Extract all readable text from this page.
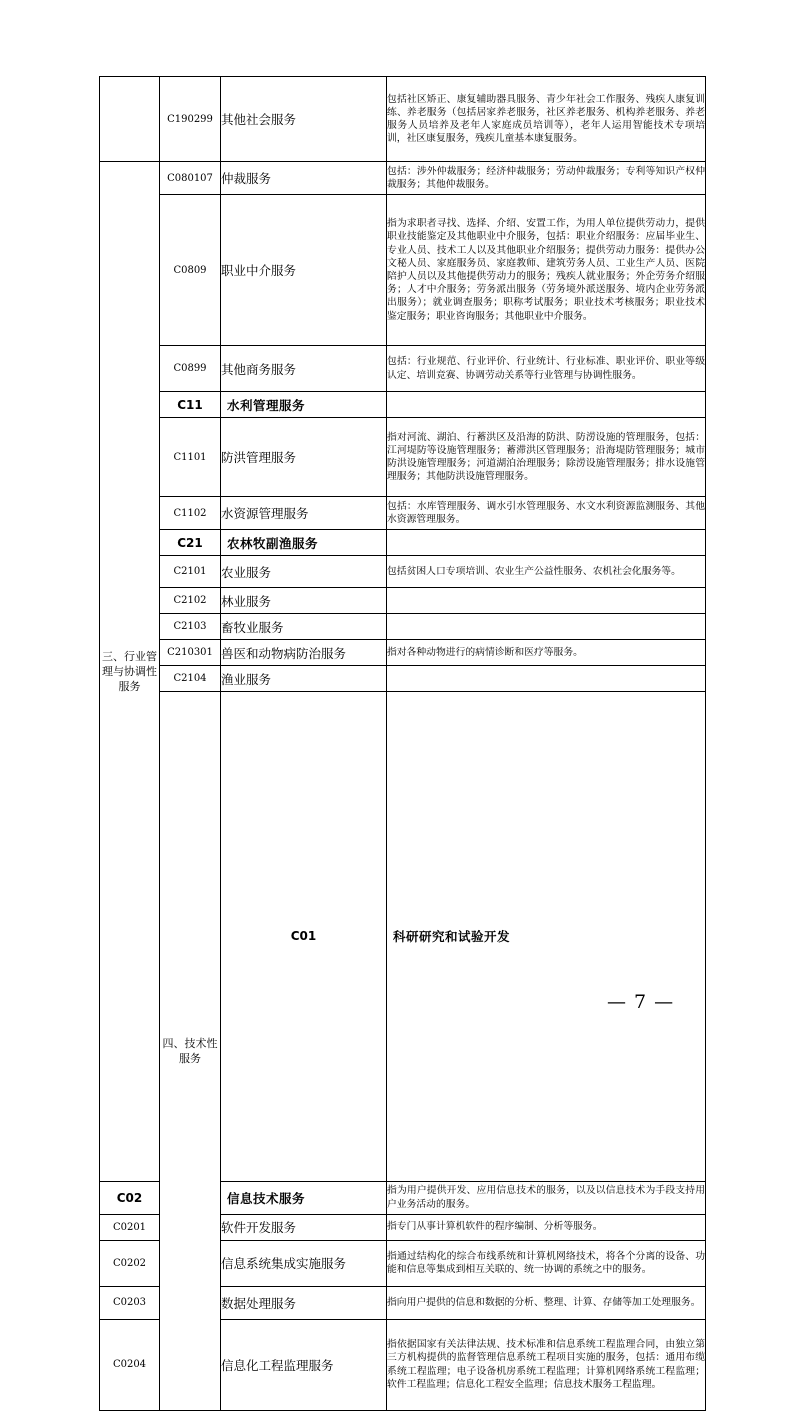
	C190299	其他社会服务	包括社区矫正、康复辅助器具服务、青少年社会工作服务、残疾人康复训练、养老服务（包括居家养老服务，社区养老服务、机构养老服务、养老服务人员培养及老年人家庭成员培训等），老年人运用智能技术专项培训，社区康复服务，残疾儿童基本康复服务。	
三、行业管理与协调性服务	C080107	仲裁服务	包括：涉外仲裁服务；经济仲裁服务；劳动仲裁服务；专利等知识产权仲裁服务；其他仲裁服务。	
	C0809	职业中介服务	指为求职者寻找、选择、介绍、安置工作，为用人单位提供劳动力，提供职业技能鉴定及其他职业中介服务，包括：职业介绍服务：应届毕业生、专业人员、技术工人以及其他职业介绍服务；提供劳动力服务：提供办公文秘人员、家庭服务员、家庭教师、建筑劳务人员、工业生产人员、医院陪护人员以及其他提供劳动力的服务；残疾人就业服务；外企劳务介绍服务；人才中介服务；劳务派出服务（劳务境外派送服务、境内企业劳务派出服务）；就业调查服务；职称考试服务；职业技术考核服务；职业技术鉴定服务；职业咨询服务；其他职业中介服务。	
	C0899	其他商务服务	包括：行业规范、行业评价、行业统计、行业标准、职业评价、职业等级认定、培训竞赛、协调劳动关系等行业管理与协调性服务。	
	C11	水利管理服务		
	C1101	防洪管理服务	指对河流、湖泊、行蓄洪区及沿海的防洪、防涝设施的管理服务，包括：江河堤防等设施管理服务；蓄滞洪区管理服务；沿海堤防管理服务；城市防洪设施管理服务；河道湖泊治理服务；除涝设施管理服务；排水设施管理服务；其他防洪设施管理服务。	
	C1102	水资源管理服务	包括：水库管理服务、调水引水管理服务、水文水利资源监测服务、其他水资源管理服务。	
	C21	农林牧副渔服务		
	C2101	农业服务	包括贫困人口专项培训、农业生产公益性服务、农机社会化服务等。	
	C2102	林业服务		
	C2103	畜牧业服务		
	C210301	兽医和动物病防治服务	指对各种动物进行的病情诊断和医疗等服务。	
	C2104	渔业服务		
	四、技术性服务	C01	科研研究和试验开发	
C02		信息技术服务	指为用户提供开发、应用信息技术的服务，以及以信息技术为手段支持用户业务活动的服务。	
C0201		软件开发服务	指专门从事计算机软件的程序编制、分析等服务。	
C0202		信息系统集成实施服务	指通过结构化的综合布线系统和计算机网络技术，将各个分离的设备、功能和信息等集成到相互关联的、统一协调的系统之中的服务。	
C0203		数据处理服务	指向用户提供的信息和数据的分析、整理、计算、存储等加工处理服务。	
C0204		信息化工程监理服务	指依据国家有关法律法规、技术标准和信息系统工程监理合同，由独立第三方机构提供的监督管理信息系统工程项目实施的服务，包括：通用布缆系统工程监理；电子设备机房系统工程监理；计算机网络系统工程监理；软件工程监理；信息化工程安全监理；信息技术服务工程监理。	
— 7 —
